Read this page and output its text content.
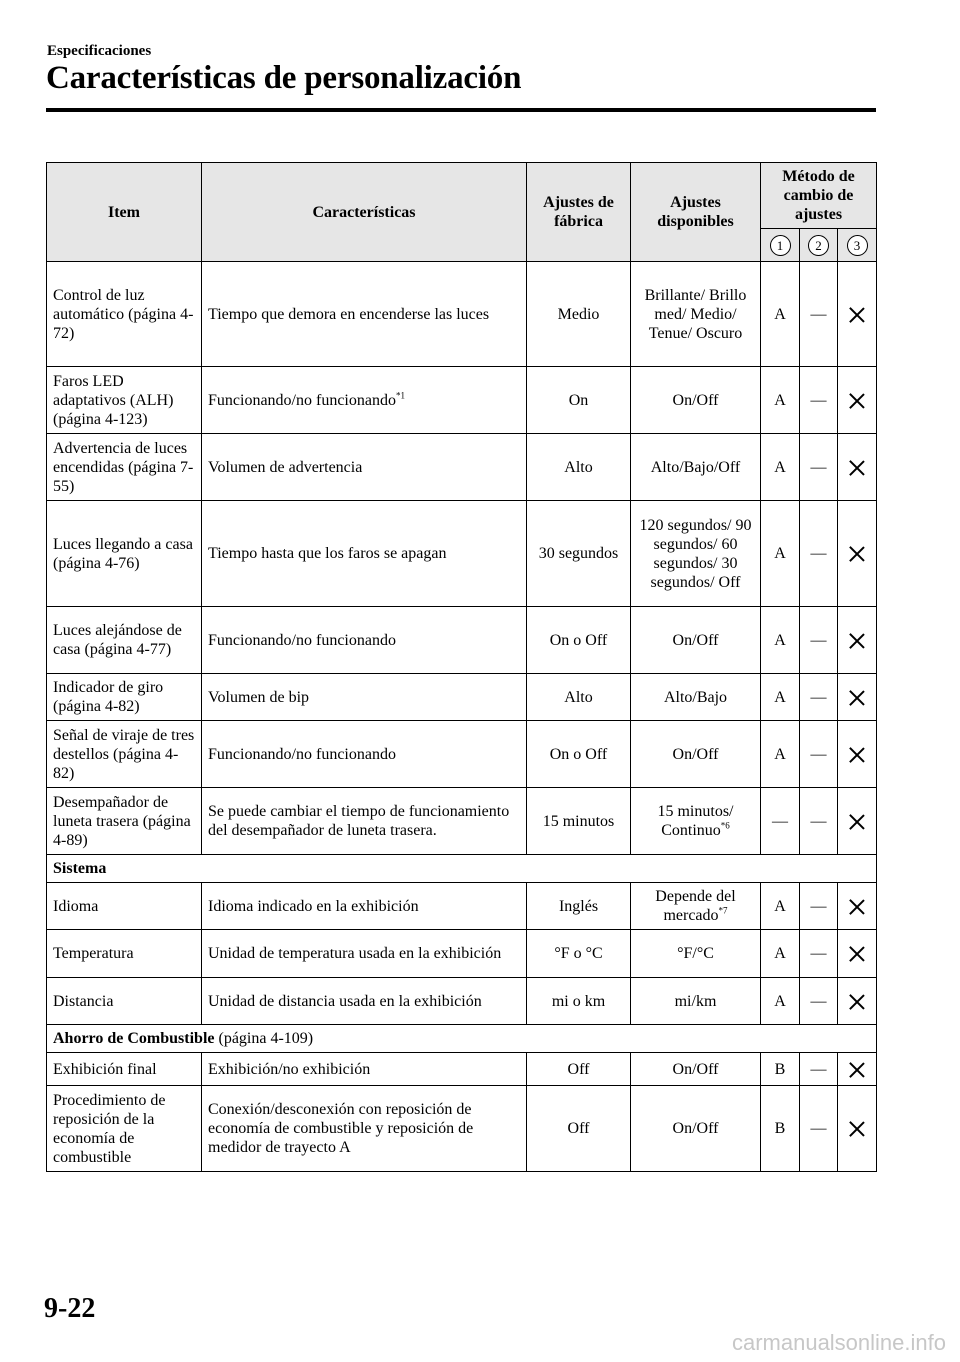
Especificaciones
Características de personalización
Item	Características	Ajustes de fábrica	Ajustes disponibles	Método de cambio de ajustes		
				1	2	3
Control de luz automático (página 4-72)	Tiempo que demora en encenderse las luces	Medio	Brillante/ Brillo med/ Medio/ Tenue/ Oscuro	A	—	
Faros LED adaptativos (ALH) (página 4-123)	Funcionando/no funcionando$^{*1}$	On	On/Off	A	—	
Advertencia de luces encendidas (página 7-55)	Volumen de advertencia	Alto	Alto/Bajo/Off	A	—	
Luces llegando a casa (página 4-76)	Tiempo hasta que los faros se apagan	30 segundos	120 segundos/ 90 segundos/ 60 segundos/ 30 segundos/ Off	A	—	
Luces alejándose de casa (página 4-77)	Funcionando/no funcionando	On o Off	On/Off	A	—	
Indicador de giro (página 4-82)	Volumen de bip	Alto	Alto/Bajo	A	—	
Señal de viraje de tres destellos (página 4-82)	Funcionando/no funcionando	On o Off	On/Off	A	—	
Desempañador de luneta trasera (página 4-89)	Se puede cambiar el tiempo de funcionamiento del desempañador de luneta trasera.	15 minutos	15 minutos/ Continuo$^{*6}$	—	—	
Sistema						
Idioma	Idioma indicado en la exhibición	Inglés	Depende del mercado$^{*7}$	A	—	
Temperatura	Unidad de temperatura usada en la exhibición	°F o °C	°F/°C	A	—	
Distancia	Unidad de distancia usada en la exhibición	mi o km	mi/km	A	—	
Ahorro de Combustible (página 4-109)						
Exhibición final	Exhibición/no exhibición	Off	On/Off	B	—	
Procedimiento de reposición de la economía de combustible	Conexión/desconexión con reposición de economía de combustible y reposición de medidor de trayecto A	Off	On/Off	B	—	
9-22
carmanualsonline.info
